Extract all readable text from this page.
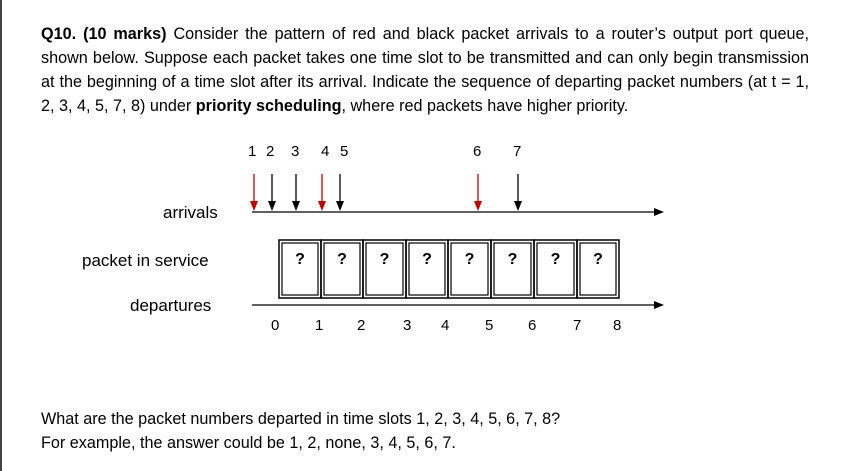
Q10. (10 marks) Consider the pattern of red and black packet arrivals to a router’s output port queue, shown below. Suppose each packet takes one time slot to be transmitted and can only begin transmission at the beginning of a time slot after its arrival. Indicate the sequence of departing packet numbers (at t = 1, 2, 3, 4, 5, 7, 8) under priority scheduling, where red packets have higher priority.
arrivals
packet in service
departures
1 2 3 4 5	6 7
0 1 2	3 4 5 6 7 8
?	?	?	?	?	?	?	?
What are the packet numbers departed in time slots 1, 2, 3, 4, 5, 6, 7, 8?
For example, the answer could be 1, 2, none, 3, 4, 5, 6, 7.
